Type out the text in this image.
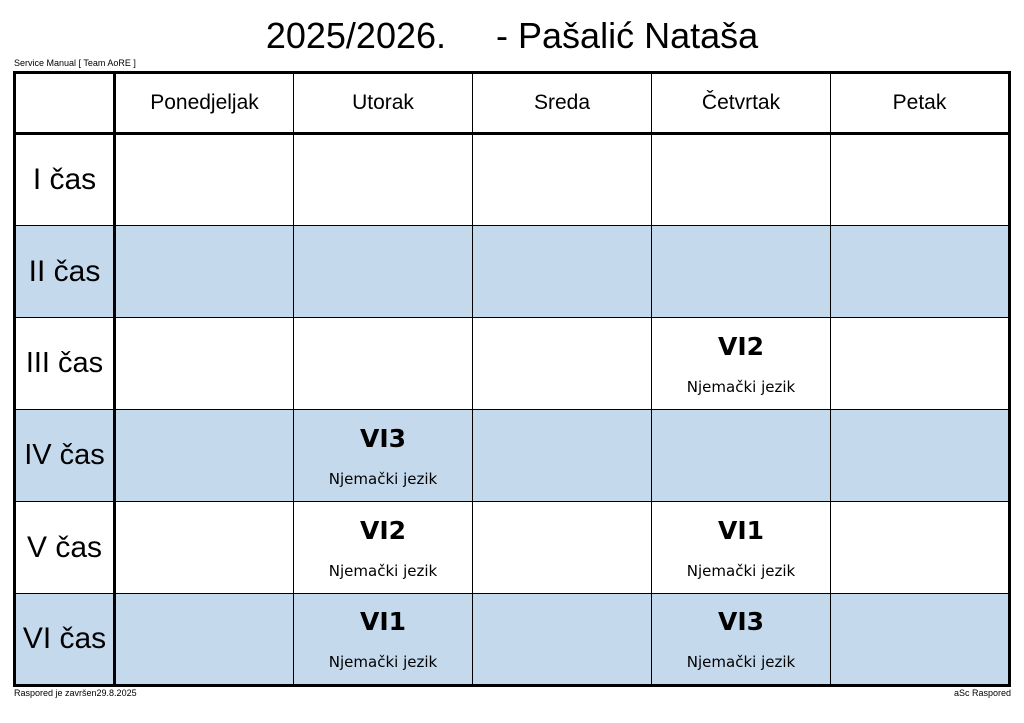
2025/2026.     - Pašalić Nataša
Service Manual [ Team AoRE ]
	Ponedjeljak	Utorak	Sreda	Četvrtak	Petak
I čas					
II čas					
III čas				VI2
Njemački jezik	

IV čas		VI3
Njemački jezik			

V čas		VI2
Njemački jezik		VI1
Njemački jezik	

VI čas		VI1
Njemački jezik		VI3
Njemački jezik	

Raspored je završen29.8.2025	aSc Raspored
